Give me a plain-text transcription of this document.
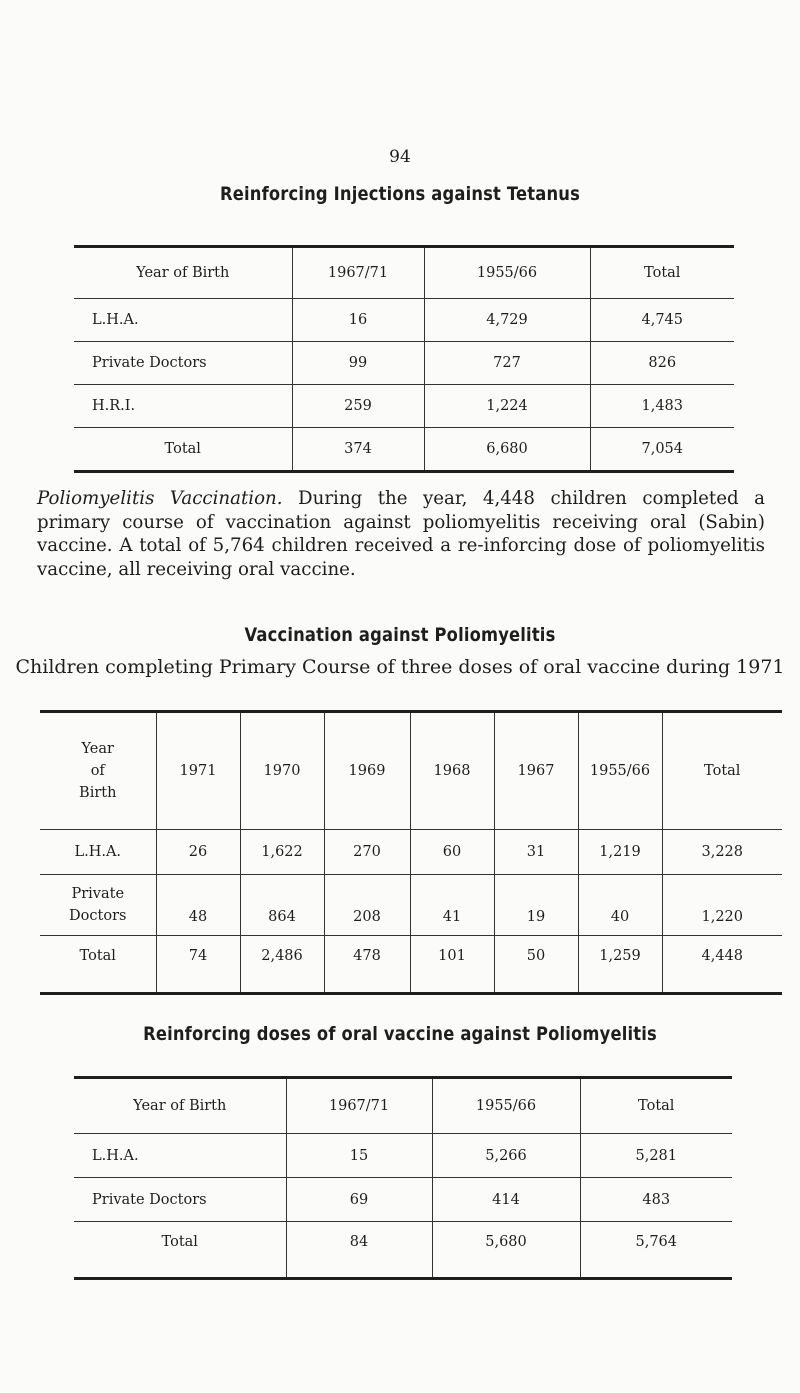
94
Reinforcing Injections against Tetanus
Year of Birth	1967/71	1955/66	Total
L.H.A.	16	4,729	4,745
Private Doctors	99	727	826
H.R.I.	259	1,224	1,483
Total	374	6,680	7,054
Poliomyelitis Vaccination. During the year, 4,448 children completed a primary course of vaccination against poliomyelitis receiving oral (Sabin) vaccine. A total of 5,764 children received a re-inforcing dose of poliomyelitis vaccine, all receiving oral vaccine.
Vaccination against Poliomyelitis
Children completing Primary Course of three doses of oral vaccine during 1971
Year
of
Birth	1971	1970	1969	1968	1967	1955/66	Total
L.H.A.	26	1,622	270	60	31	1,219	3,228

Private
Doctors	48	864	208	41	19	40	1,220
Total	74	2,486	478	101	50	1,259	4,448
Reinforcing doses of oral vaccine against Poliomyelitis
Year of Birth	1967/71	1955/66	Total
L.H.A.	15	5,266	5,281
Private Doctors	69	414	483
Total	84	5,680	5,764
